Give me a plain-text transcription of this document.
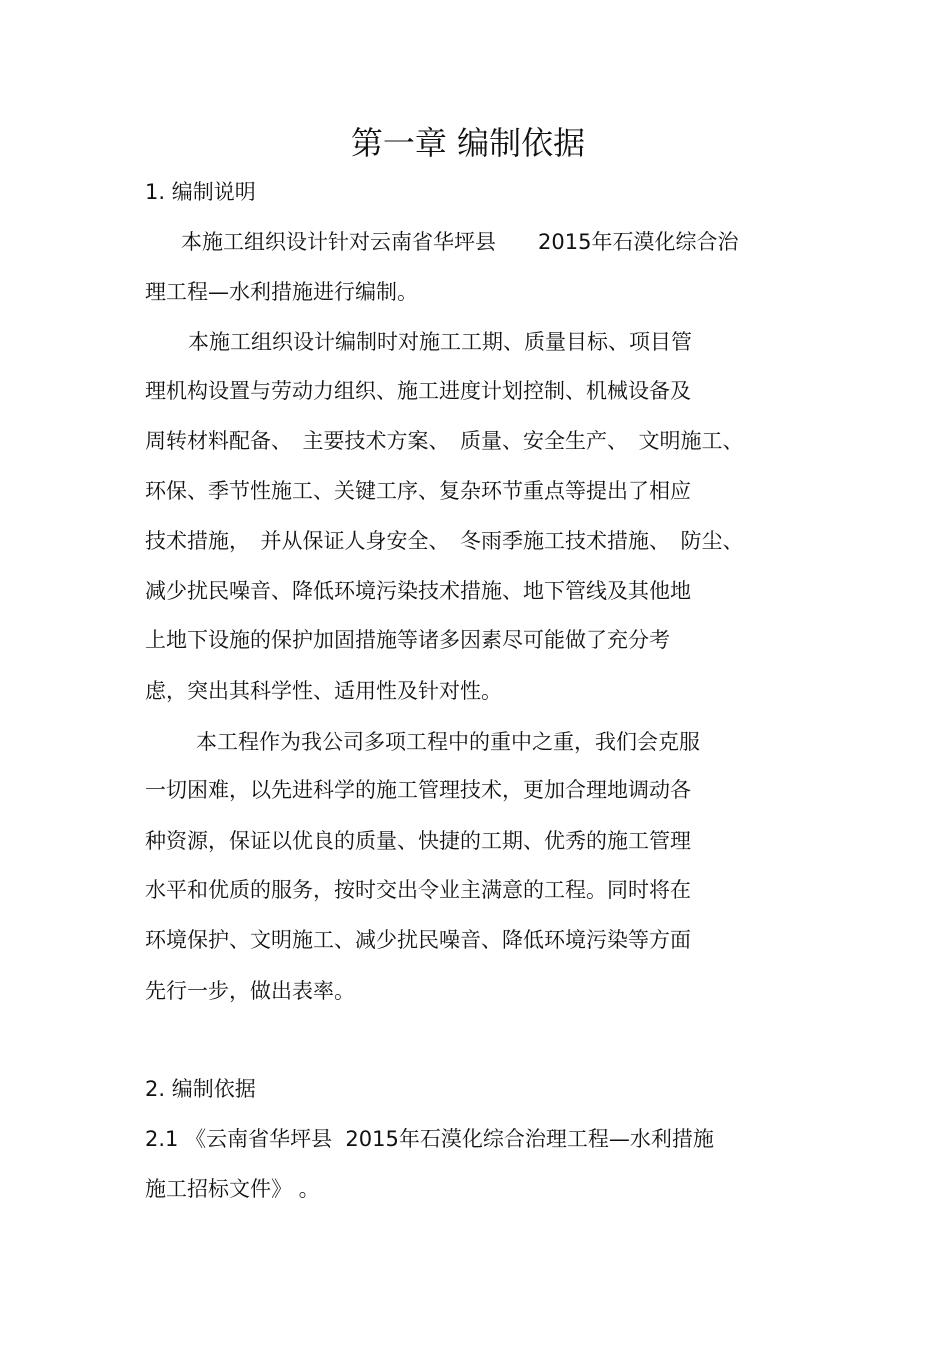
第一章 编制依据
1. 编制说明
本施工组织设计针对云南省华坪县　　2015年石漠化综合治
理工程—水利措施进行编制。
本施工组织设计编制时对施工工期、质量目标、项目管
理机构设置与劳动力组织、施工进度计划控制、机械设备及
周转材料配备、　主要技术方案、　质量、安全生产、　文明施工、
环保、季节性施工、关键工序、复杂环节重点等提出了相应
技术措施，　并从保证人身安全、　冬雨季施工技术措施、　防尘、
减少扰民噪音、降低环境污染技术措施、地下管线及其他地
上地下设施的保护加固措施等诸多因素尽可能做了充分考
虑，突出其科学性、适用性及针对性。
本工程作为我公司多项工程中的重中之重，我们会克服
一切困难，以先进科学的施工管理技术，更加合理地调动各
种资源，保证以优良的质量、快捷的工期、优秀的施工管理
水平和优质的服务，按时交出令业主满意的工程。同时将在
环境保护、文明施工、减少扰民噪音、降低环境污染等方面
先行一步，做出表率。
2. 编制依据
2.1 《云南省华坪县  2015年石漠化综合治理工程—水利措施
施工招标文件》 。
